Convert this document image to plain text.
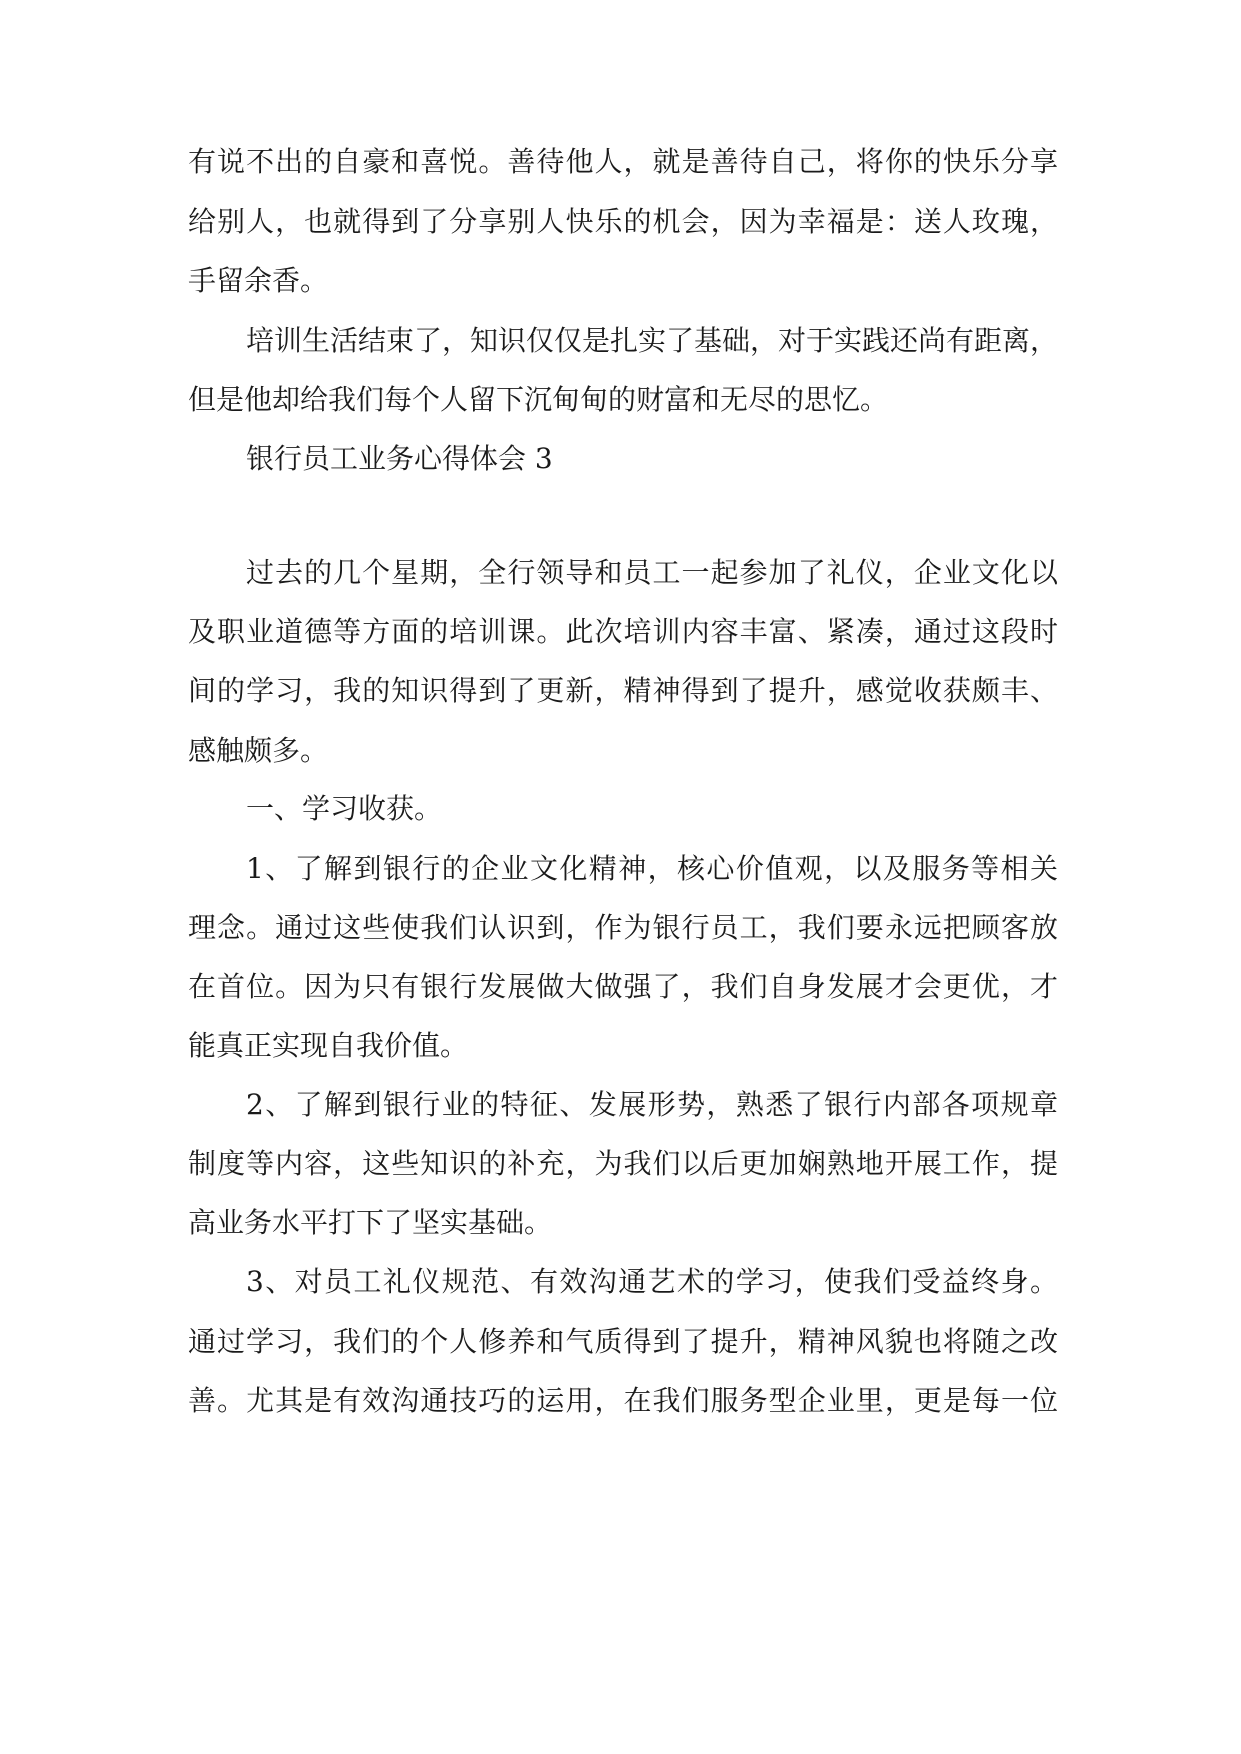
有说不出的自豪和喜悦。善待他人，就是善待自己，将你的快乐分享
给别人，也就得到了分享别人快乐的机会，因为幸福是：送人玫瑰，
手留余香。
培训生活结束了，知识仅仅是扎实了基础，对于实践还尚有距离，
但是他却给我们每个人留下沉甸甸的财富和无尽的思忆。
银行员工业务心得体会 3
过去的几个星期，全行领导和员工一起参加了礼仪，企业文化以
及职业道德等方面的培训课。此次培训内容丰富、紧凑，通过这段时
间的学习，我的知识得到了更新，精神得到了提升，感觉收获颇丰、
感触颇多。
一、学习收获。
1、了解到银行的企业文化精神，核心价值观，以及服务等相关
理念。通过这些使我们认识到，作为银行员工，我们要永远把顾客放
在首位。因为只有银行发展做大做强了，我们自身发展才会更优，才
能真正实现自我价值。
2、了解到银行业的特征、发展形势，熟悉了银行内部各项规章
制度等内容，这些知识的补充，为我们以后更加娴熟地开展工作，提
高业务水平打下了坚实基础。
3、对员工礼仪规范、有效沟通艺术的学习，使我们受益终身。
通过学习，我们的个人修养和气质得到了提升，精神风貌也将随之改
善。尤其是有效沟通技巧的运用，在我们服务型企业里，更是每一位
